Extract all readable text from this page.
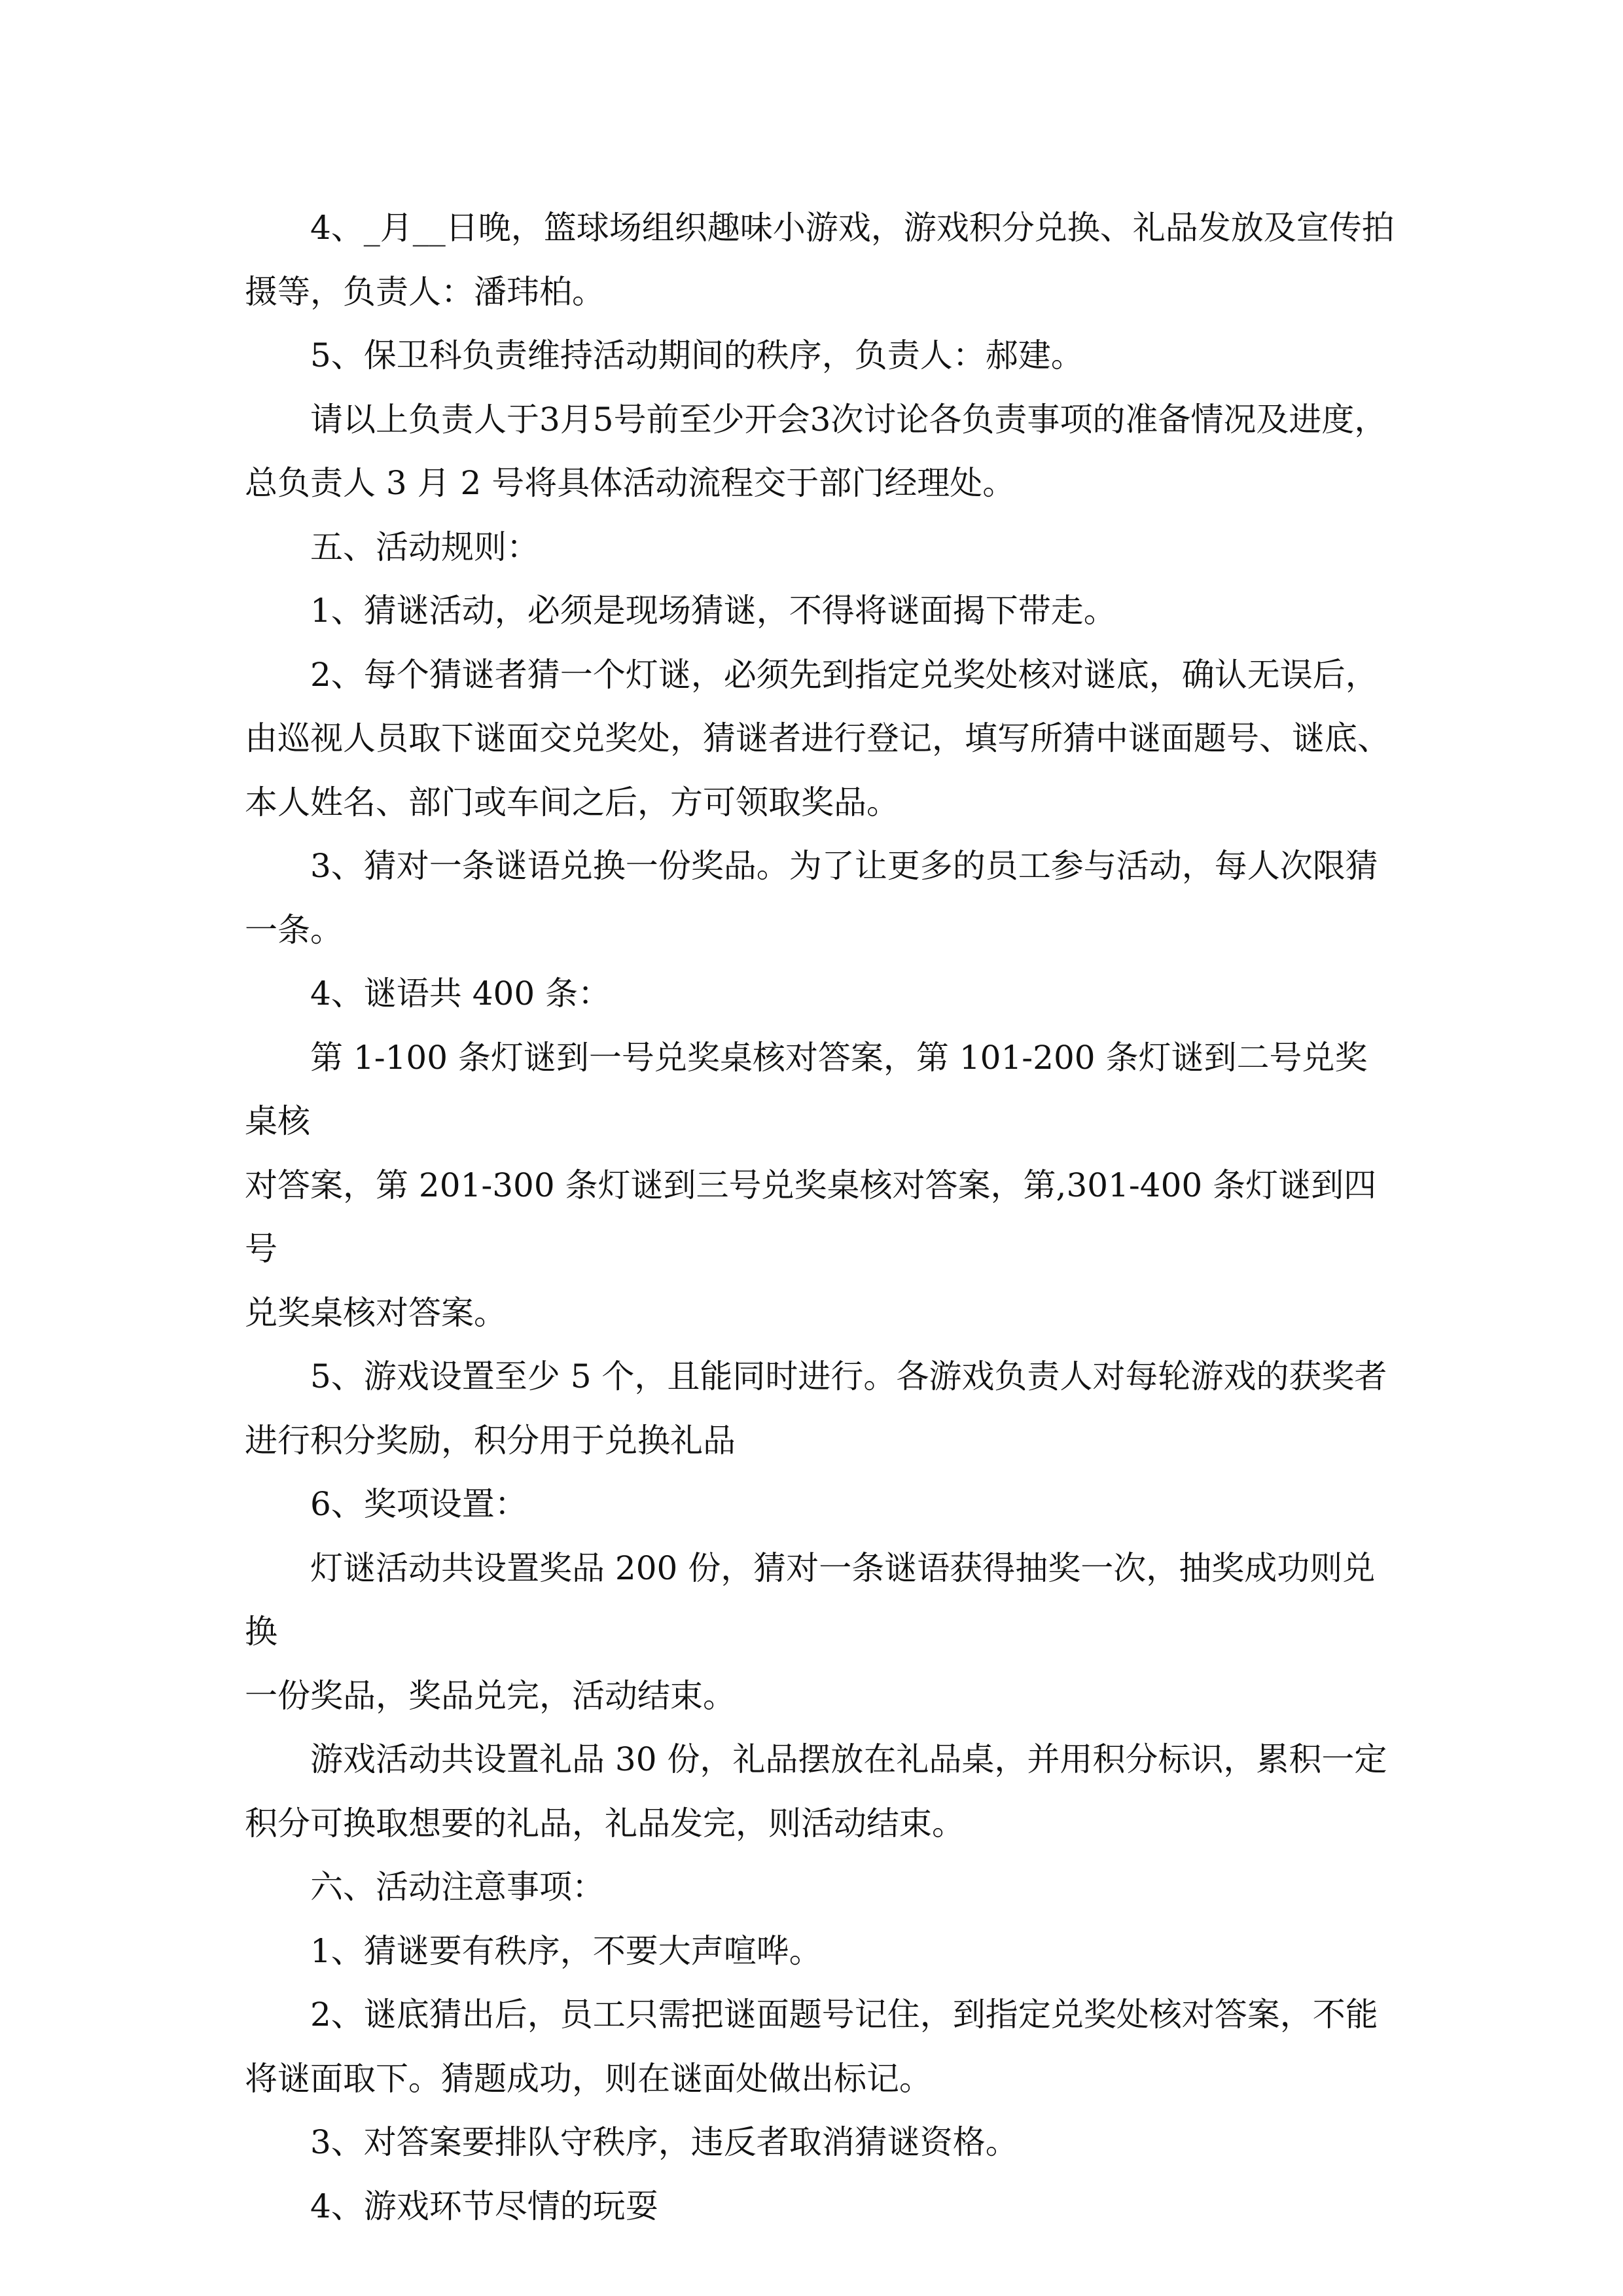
4、_月__日晚，篮球场组织趣味小游戏，游戏积分兑换、礼品发放及宣传拍

摄等，负责人：潘玮柏。

5、保卫科负责维持活动期间的秩序，负责人：郝建。

请以上负责人于3月5号前至少开会3次讨论各负责事项的准备情况及进度，

总负责人 3 月 2 号将具体活动流程交于部门经理处。

五、活动规则：

1、猜谜活动，必须是现场猜谜，不得将谜面揭下带走。

2、每个猜谜者猜一个灯谜，必须先到指定兑奖处核对谜底，确认无误后，

由巡视人员取下谜面交兑奖处，猜谜者进行登记，填写所猜中谜面题号、谜底、

本人姓名、部门或车间之后，方可领取奖品。

3、猜对一条谜语兑换一份奖品。为了让更多的员工参与活动，每人次限猜

一条。

4、谜语共 400 条：

第 1-100 条灯谜到一号兑奖桌核对答案，第 101-200 条灯谜到二号兑奖桌核

对答案，第 201-300 条灯谜到三号兑奖桌核对答案，第,301-400 条灯谜到四号

兑奖桌核对答案。

5、游戏设置至少 5 个，且能同时进行。各游戏负责人对每轮游戏的获奖者

进行积分奖励，积分用于兑换礼品

6、奖项设置：

灯谜活动共设置奖品 200 份，猜对一条谜语获得抽奖一次，抽奖成功则兑换

一份奖品，奖品兑完，活动结束。

游戏活动共设置礼品 30 份，礼品摆放在礼品桌，并用积分标识，累积一定

积分可换取想要的礼品，礼品发完，则活动结束。

六、活动注意事项：

1、猜谜要有秩序，不要大声喧哗。

2、谜底猜出后，员工只需把谜面题号记住，到指定兑奖处核对答案，不能

将谜面取下。猜题成功，则在谜面处做出标记。

3、对答案要排队守秩序，违反者取消猜谜资格。

4、游戏环节尽情的玩耍
